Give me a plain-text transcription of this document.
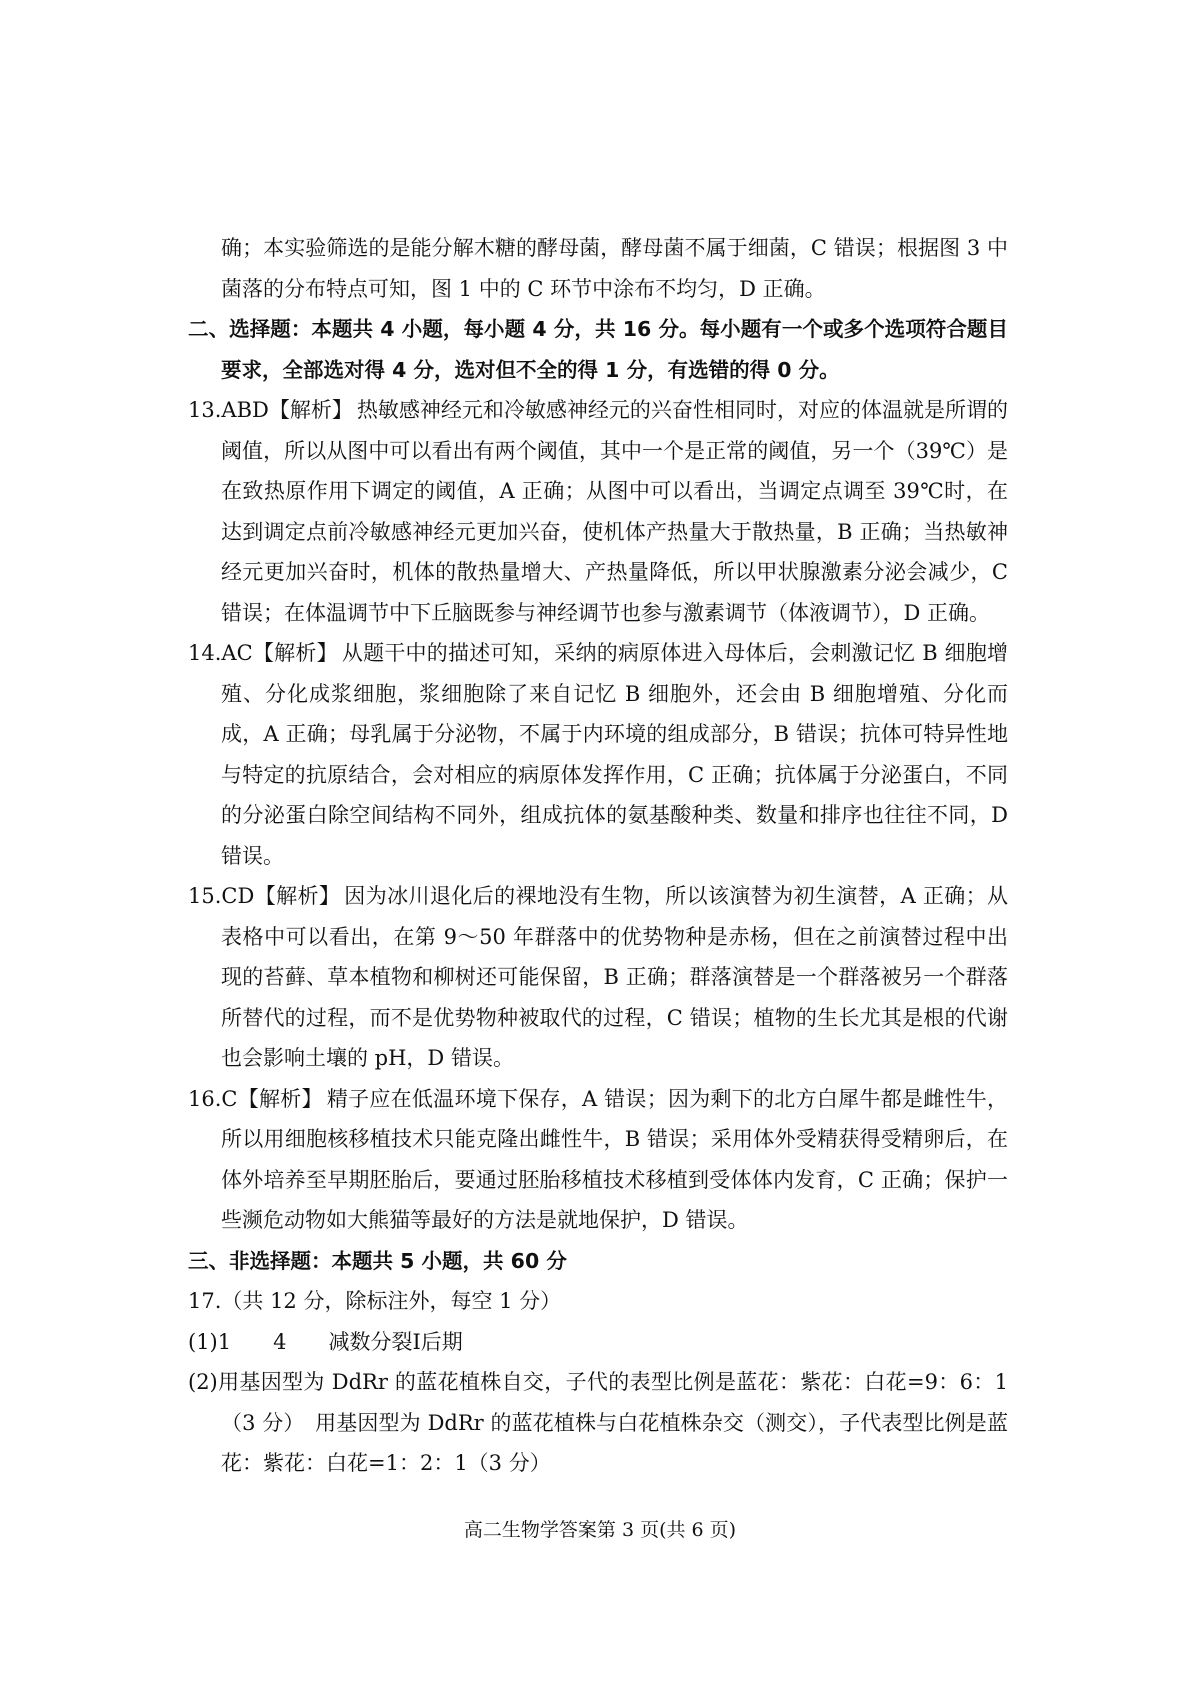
确；本实验筛选的是能分解木糖的酵母菌，酵母菌不属于细菌，C 错误；根据图 3 中菌落的分布特点可知，图 1 中的 C 环节中涂布不均匀，D 正确。

二、选择题：本题共 4 小题，每小题 4 分，共 16 分。每小题有一个或多个选项符合题目要求，全部选对得 4 分，选对但不全的得 1 分，有选错的得 0 分。

13.ABD【解析】 热敏感神经元和冷敏感神经元的兴奋性相同时，对应的体温就是所谓的阈值，所以从图中可以看出有两个阈值，其中一个是正常的阈值，另一个（39℃）是在致热原作用下调定的阈值，A 正确；从图中可以看出，当调定点调至 39℃时，在达到调定点前冷敏感神经元更加兴奋，使机体产热量大于散热量，B 正确；当热敏神经元更加兴奋时，机体的散热量增大、产热量降低，所以甲状腺激素分泌会减少，C 错误；在体温调节中下丘脑既参与神经调节也参与激素调节（体液调节），D 正确。

14.AC【解析】 从题干中的描述可知，采纳的病原体进入母体后，会刺激记忆 B 细胞增殖、分化成浆细胞，浆细胞除了来自记忆 B 细胞外，还会由 B 细胞增殖、分化而成，A 正确；母乳属于分泌物，不属于内环境的组成部分，B 错误；抗体可特异性地与特定的抗原结合，会对相应的病原体发挥作用，C 正确；抗体属于分泌蛋白，不同的分泌蛋白除空间结构不同外，组成抗体的氨基酸种类、数量和排序也往往不同，D 错误。

15.CD【解析】 因为冰川退化后的裸地没有生物，所以该演替为初生演替，A 正确；从表格中可以看出，在第 9～50 年群落中的优势物种是赤杨，但在之前演替过程中出现的苔藓、草本植物和柳树还可能保留，B 正确；群落演替是一个群落被另一个群落所替代的过程，而不是优势物种被取代的过程，C 错误；植物的生长尤其是根的代谢也会影响土壤的 pH，D 错误。

16.C【解析】 精子应在低温环境下保存，A 错误；因为剩下的北方白犀牛都是雌性牛，所以用细胞核移植技术只能克隆出雌性牛，B 错误；采用体外受精获得受精卵后，在体外培养至早期胚胎后，要通过胚胎移植技术移植到受体体内发育，C 正确；保护一些濒危动物如大熊猫等最好的方法是就地保护，D 错误。

三、非选择题：本题共 5 小题，共 60 分

17.（共 12 分，除标注外，每空 1 分）

(1)1　　4　　减数分裂Ⅰ后期

(2)用基因型为 DdRr 的蓝花植株自交，子代的表型比例是蓝花：紫花：白花=9：6：1（3 分）　用基因型为 DdRr 的蓝花植株与白花植株杂交（测交），子代表型比例是蓝花：紫花：白花=1：2：1（3 分）

高二生物学答案第 3 页(共 6 页)
